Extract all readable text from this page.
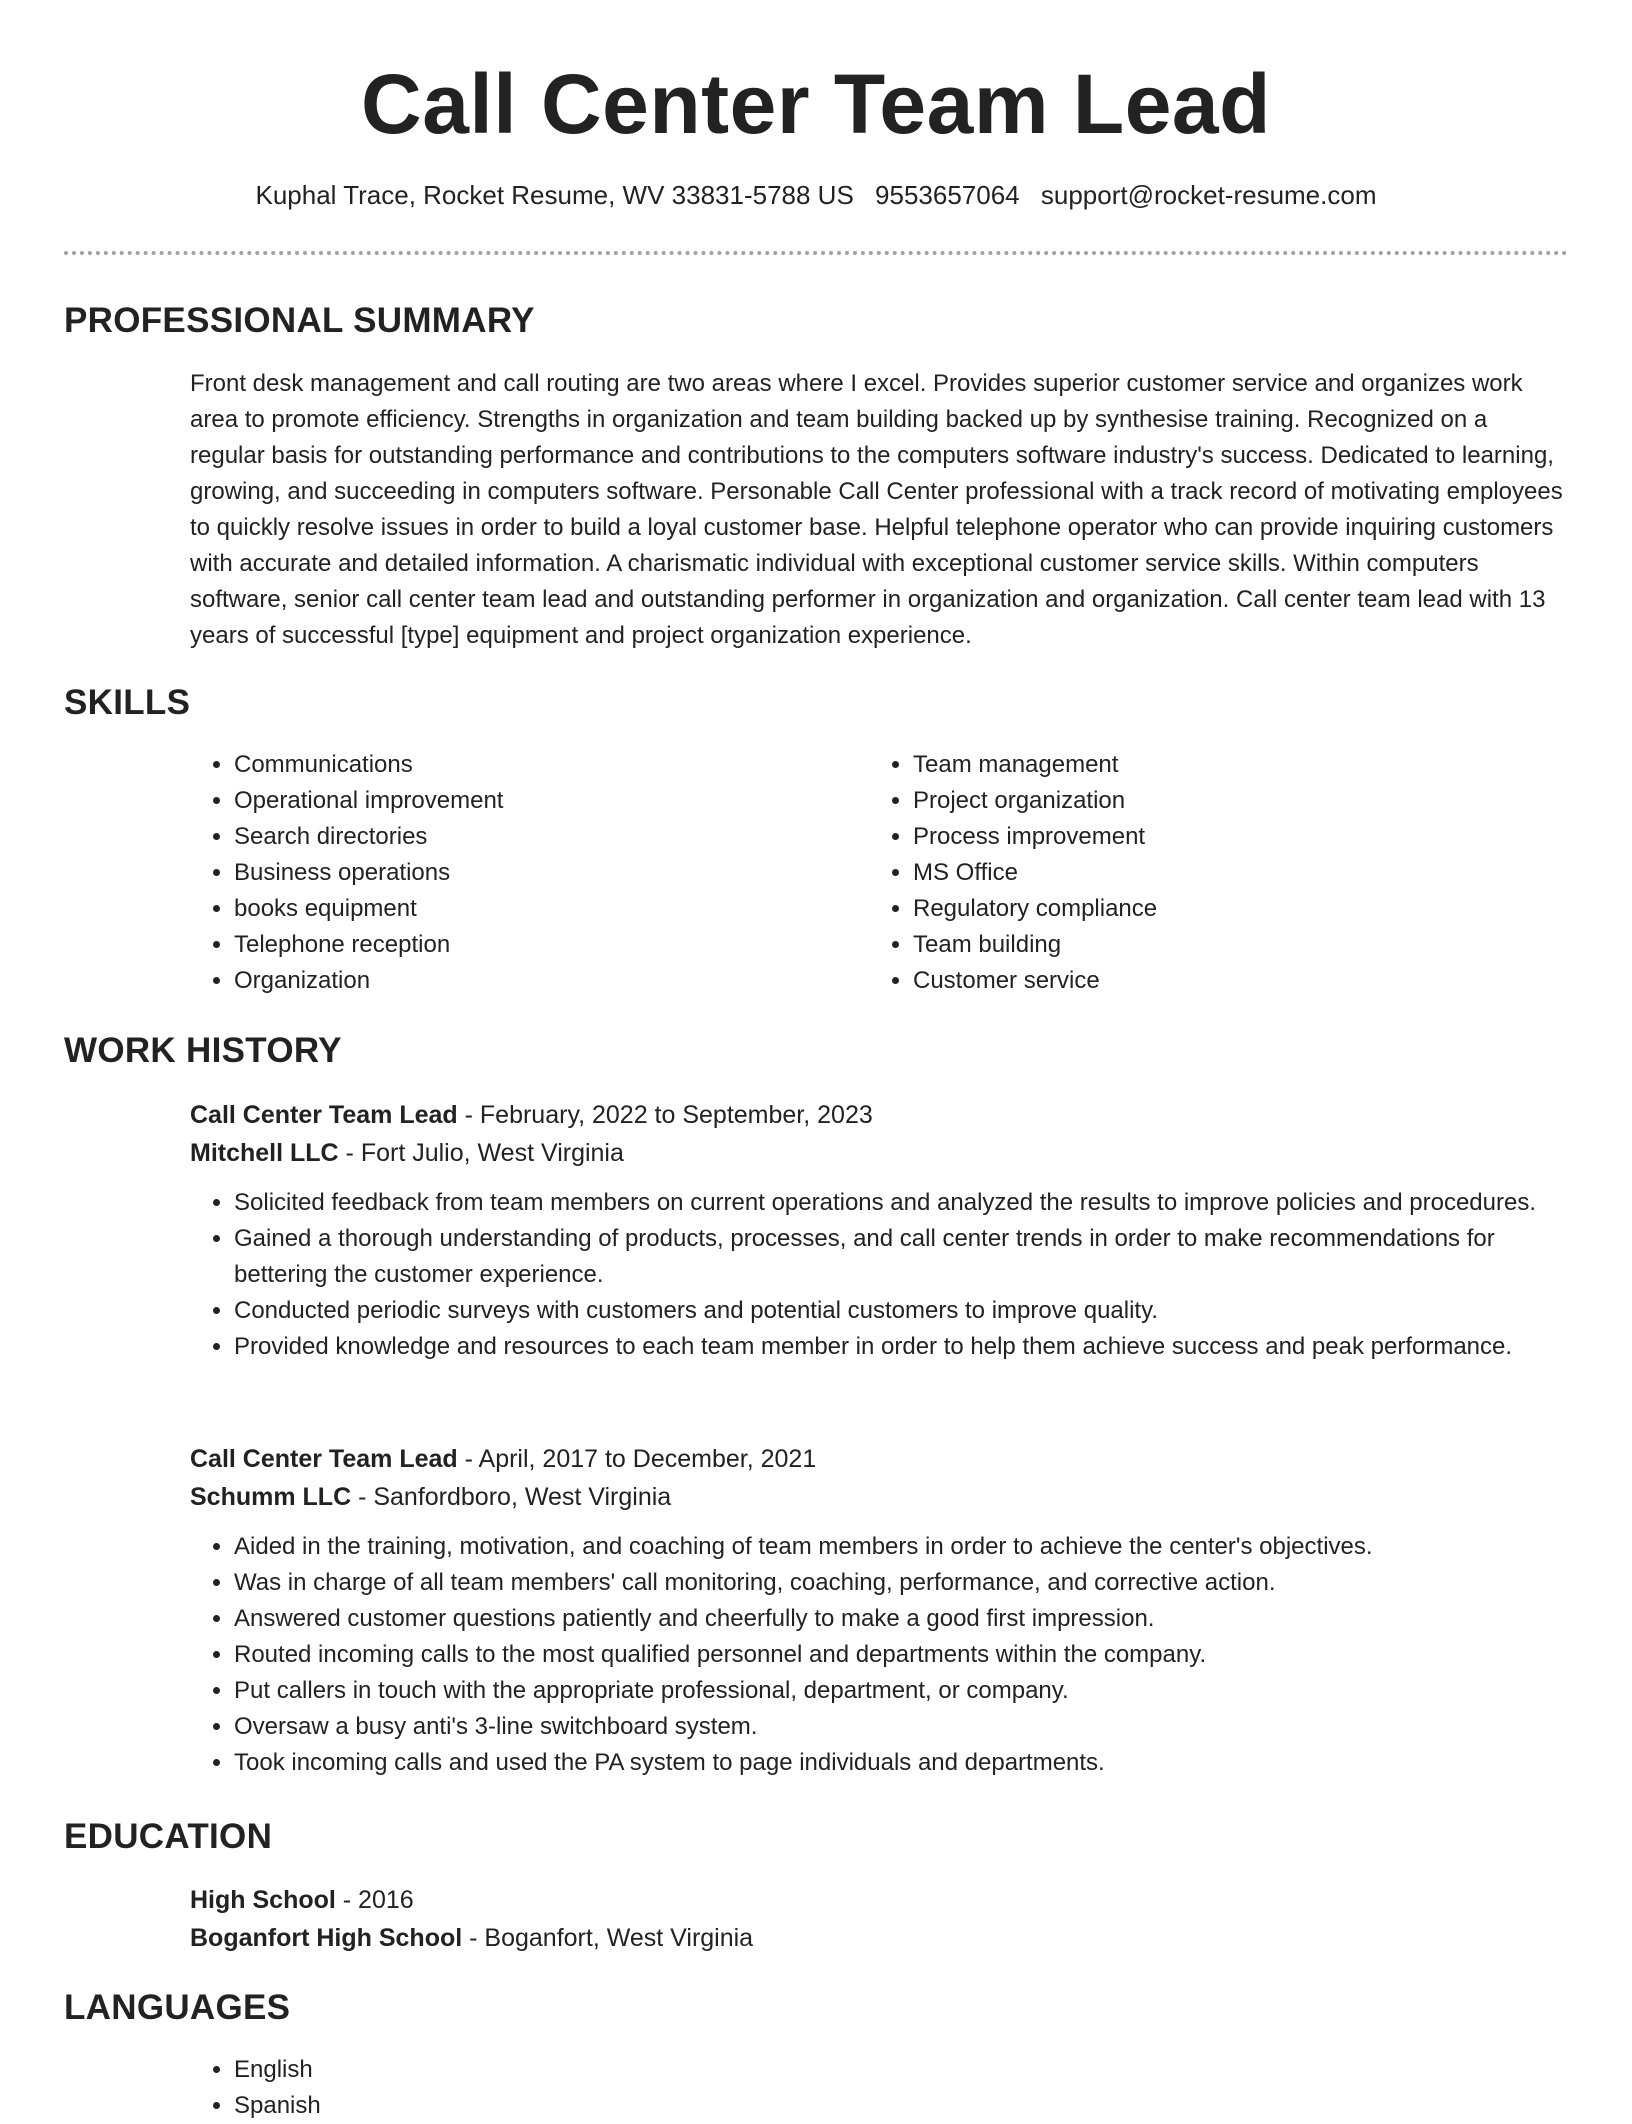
Call Center Team Lead
Kuphal Trace, Rocket Resume, WV 33831-5788 US 9553657064 support@rocket-resume.com
PROFESSIONAL SUMMARY

Front desk management and call routing are two areas where I excel. Provides superior customer service and organizes work area to promote efficiency. Strengths in organization and team building backed up by synthesise training. Recognized on a regular basis for outstanding performance and contributions to the computers software industry's success. Dedicated to learning, growing, and succeeding in computers software. Personable Call Center professional with a track record of motivating employees to quickly resolve issues in order to build a loyal customer base. Helpful telephone operator who can provide inquiring customers with accurate and detailed information. A charismatic individual with exceptional customer service skills. Within computers software, senior call center team lead and outstanding performer in organization and organization. Call center team lead with 13 years of successful [type] equipment and project organization experience.

SKILLS
• Communications
• Operational improvement
• Search directories
• Business operations
• books equipment
• Telephone reception
• Organization
• Team management
• Project organization
• Process improvement
• MS Office
• Regulatory compliance
• Team building
• Customer service
WORK HISTORY
Call Center Team Lead - February, 2022 to September, 2023
Mitchell LLC - Fort Julio, West Virginia
• Solicited feedback from team members on current operations and analyzed the results to improve policies and procedures.
• Gained a thorough understanding of products, processes, and call center trends in order to make recommendations for bettering the customer experience.
• Conducted periodic surveys with customers and potential customers to improve quality.
• Provided knowledge and resources to each team member in order to help them achieve success and peak performance.
Call Center Team Lead - April, 2017 to December, 2021
Schumm LLC - Sanfordboro, West Virginia
• Aided in the training, motivation, and coaching of team members in order to achieve the center's objectives.
• Was in charge of all team members' call monitoring, coaching, performance, and corrective action.
• Answered customer questions patiently and cheerfully to make a good first impression.
• Routed incoming calls to the most qualified personnel and departments within the company.
• Put callers in touch with the appropriate professional, department, or company.
• Oversaw a busy anti's 3-line switchboard system.
• Took incoming calls and used the PA system to page individuals and departments.
EDUCATION
High School - 2016
Boganfort High School - Boganfort, West Virginia
LANGUAGES
• English
• Spanish
